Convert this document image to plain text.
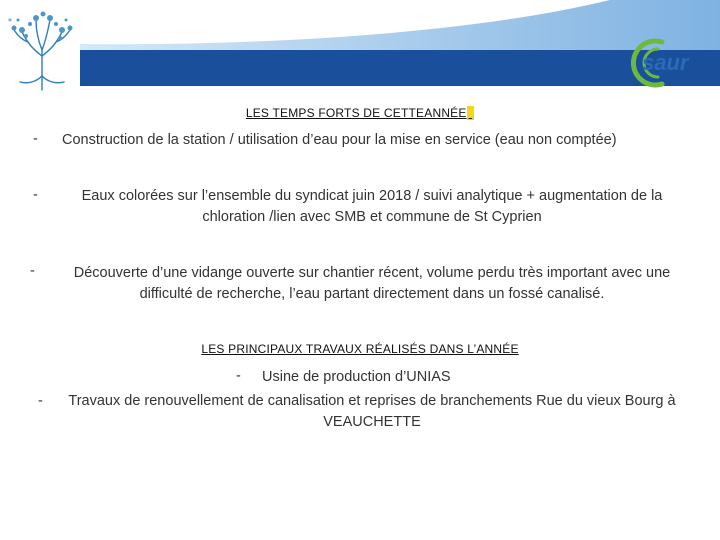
*
saur
LES TEMPS FORTS DE CETTEANNÉE .
- Construction de la station / utilisation d’eau pour la mise en service (eau non comptée)
-	Eaux colorées sur l’ensemble du syndicat juin 2018 / suivi analytique + augmentation de la chloration /lien avec SMB et commune de St Cyprien
-	Découverte d’une vidange ouverte sur chantier récent, volume perdu très important avec une difficulté de recherche, l’eau partant directement dans un fossé canalisé.
LES PRINCIPAUX TRAVAUX RÉALISÉS DANS L’ANNÉE
- Usine de production d’UNIAS
-	Travaux de renouvellement de canalisation et reprises de branchements Rue du vieux Bourg à VEAUCHETTE
